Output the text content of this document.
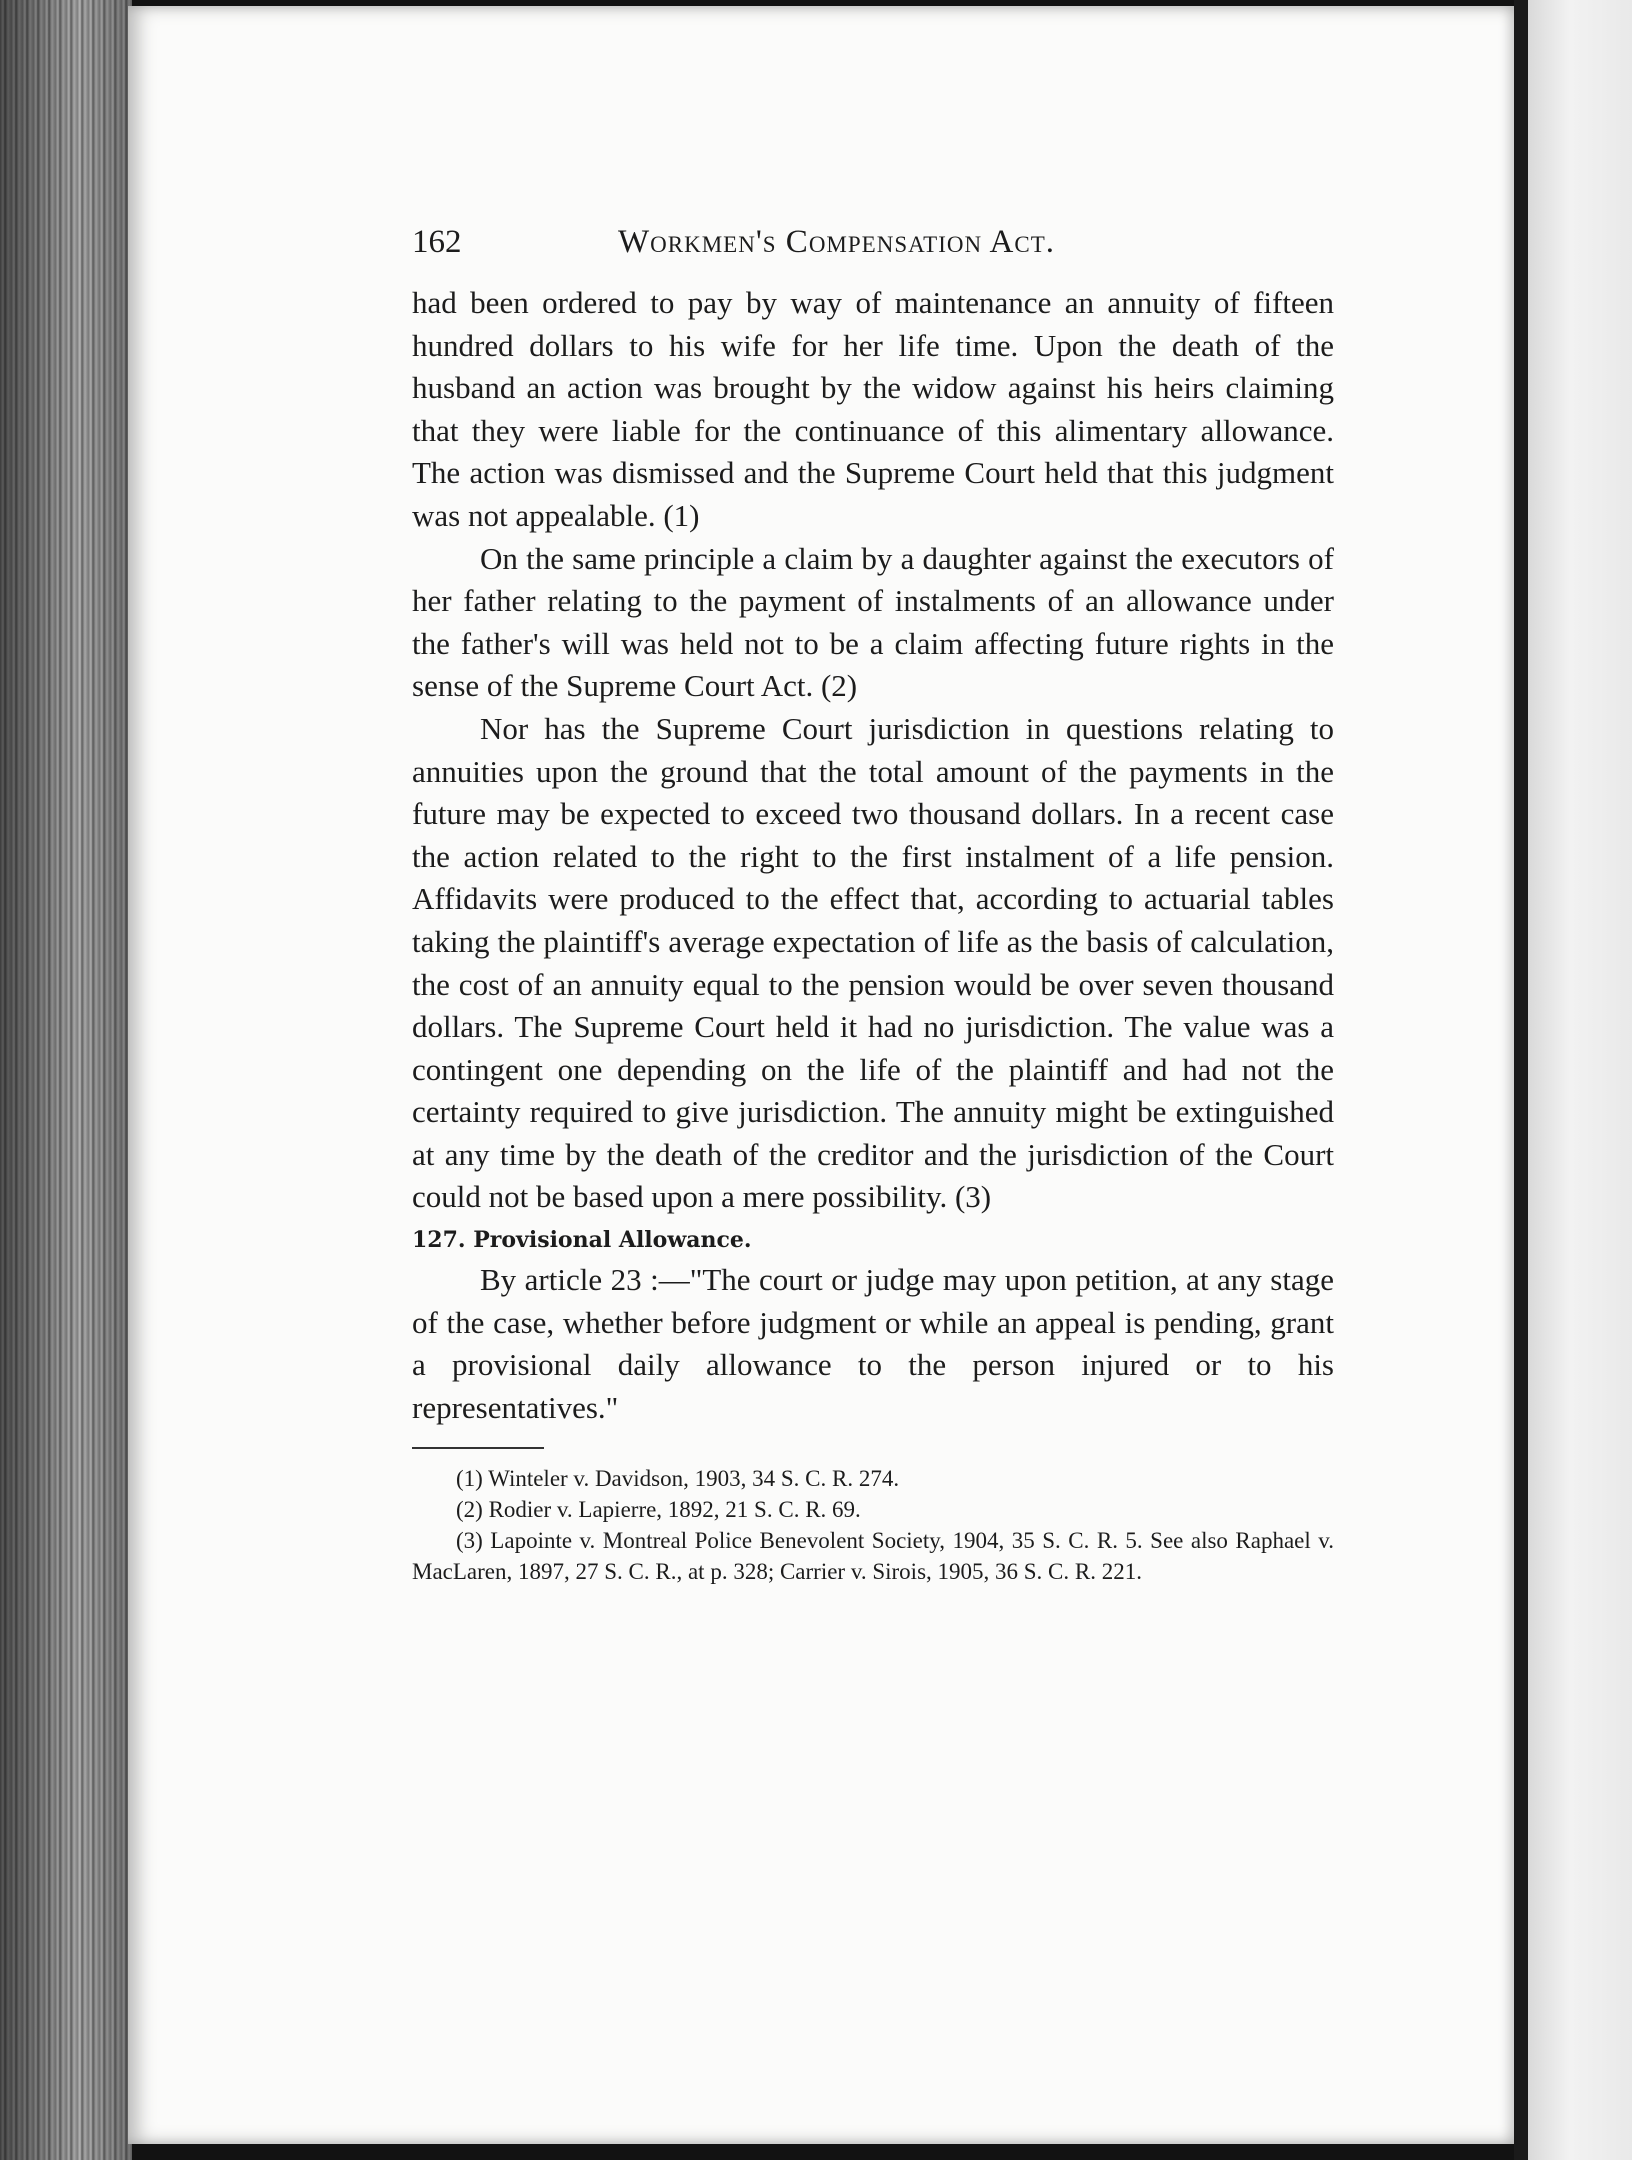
162	Workmen's Compensation Act.

had been ordered to pay by way of maintenance an annuity of fifteen hundred dollars to his wife for her life time. Upon the death of the husband an action was brought by the widow against his heirs claiming that they were liable for the continuance of this alimentary allowance. The action was dismissed and the Supreme Court held that this judgment was not appealable. (1)

On the same principle a claim by a daughter against the executors of her father relating to the payment of instalments of an allowance under the father's will was held not to be a claim affecting future rights in the sense of the Supreme Court Act. (2)

Nor has the Supreme Court jurisdiction in questions relating to annuities upon the ground that the total amount of the payments in the future may be expected to exceed two thousand dollars. In a recent case the action related to the right to the first instalment of a life pension. Affidavits were produced to the effect that, according to actuarial tables taking the plaintiff's average expectation of life as the basis of calculation, the cost of an annuity equal to the pension would be over seven thousand dollars. The Supreme Court held it had no jurisdiction. The value was a contingent one depending on the life of the plaintiff and had not the certainty required to give jurisdiction. The annuity might be extinguished at any time by the death of the creditor and the jurisdiction of the Court could not be based upon a mere possibility. (3)

127. Provisional Allowance.

By article 23 :—"The court or judge may upon petition, at any stage of the case, whether before judgment or while an appeal is pending, grant a provisional daily allowance to the person injured or to his representatives."

(1) Winteler v. Davidson, 1903, 34 S. C. R. 274.

(2) Rodier v. Lapierre, 1892, 21 S. C. R. 69.

(3) Lapointe v. Montreal Police Benevolent Society, 1904, 35 S. C. R. 5. See also Raphael v. MacLaren, 1897, 27 S. C. R., at p. 328; Carrier v. Sirois, 1905, 36 S. C. R. 221.
